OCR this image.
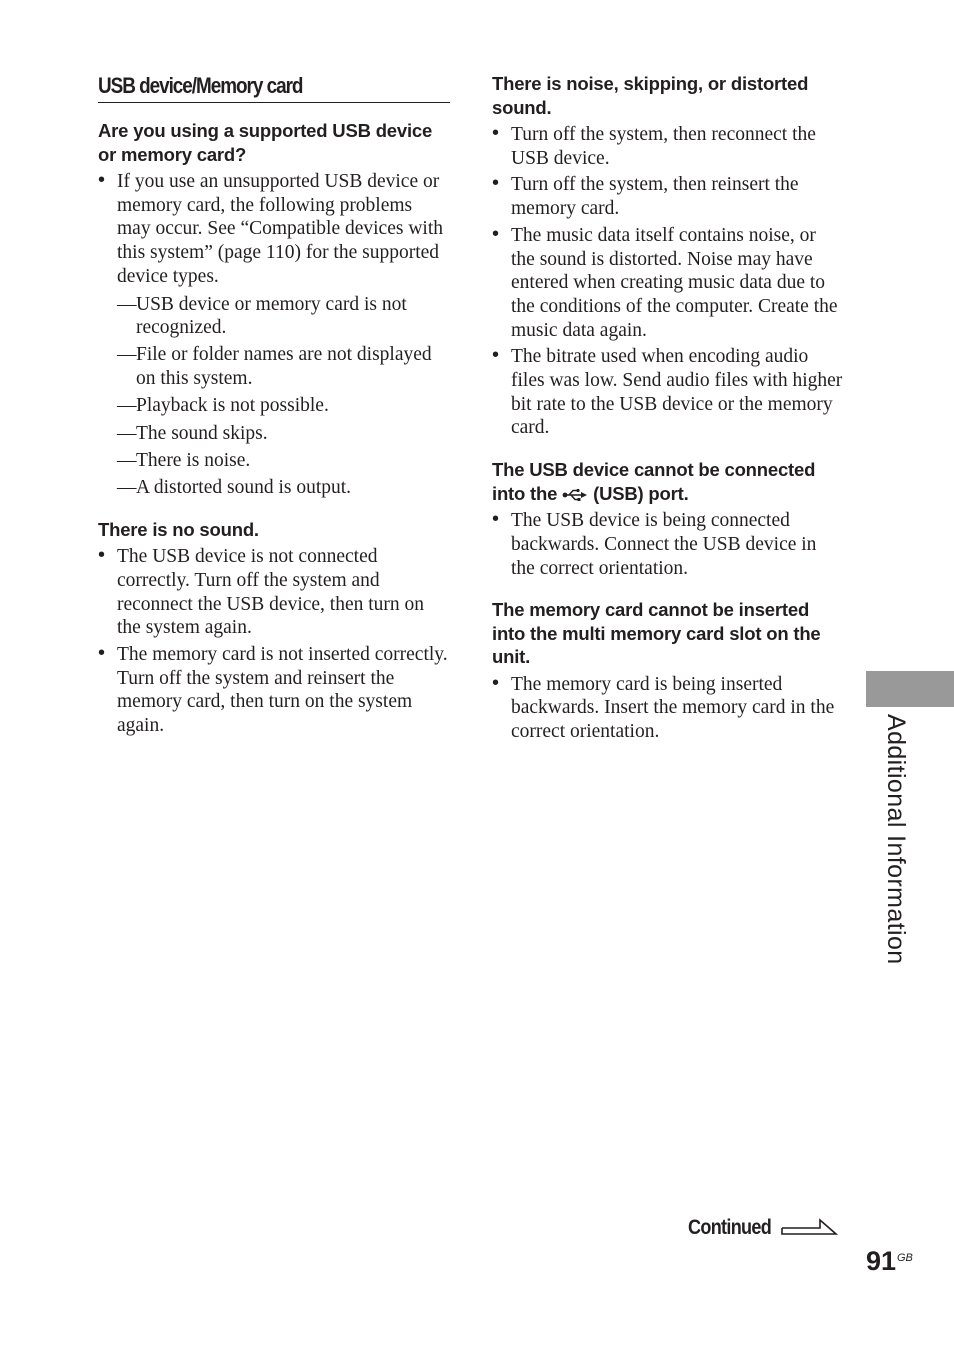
USB device/Memory card

Are you using a supported USB device or memory card?

• If you use an unsupported USB device or memory card, the following problems may occur. See “Compatible devices with this system” (page 110) for the supported device types.
— USB device or memory card is not recognized.
— File or folder names are not displayed on this system.
— Playback is not possible.
— The sound skips.
— There is noise.
— A distorted sound is output.

There is no sound.

• The USB device is not connected correctly. Turn off the system and reconnect the USB device, then turn on the system again.
• The memory card is not inserted correctly. Turn off the system and reinsert the memory card, then turn on the system again.

There is noise, skipping, or distorted sound.

• Turn off the system, then reconnect the USB device.
• Turn off the system, then reinsert the memory card.
• The music data itself contains noise, or the sound is distorted. Noise may have entered when creating music data due to the conditions of the computer. Create the music data again.
• The bitrate used when encoding audio files was low. Send audio files with higher bit rate to the USB device or the memory card.

The USB device cannot be connected into the (USB) port.

• The USB device is being connected backwards. Connect the USB device in the correct orientation.

The memory card cannot be inserted into the multi memory card slot on the unit.

• The memory card is being inserted backwards. Insert the memory card in the correct orientation.	Additional Information
Continued
91 GB
